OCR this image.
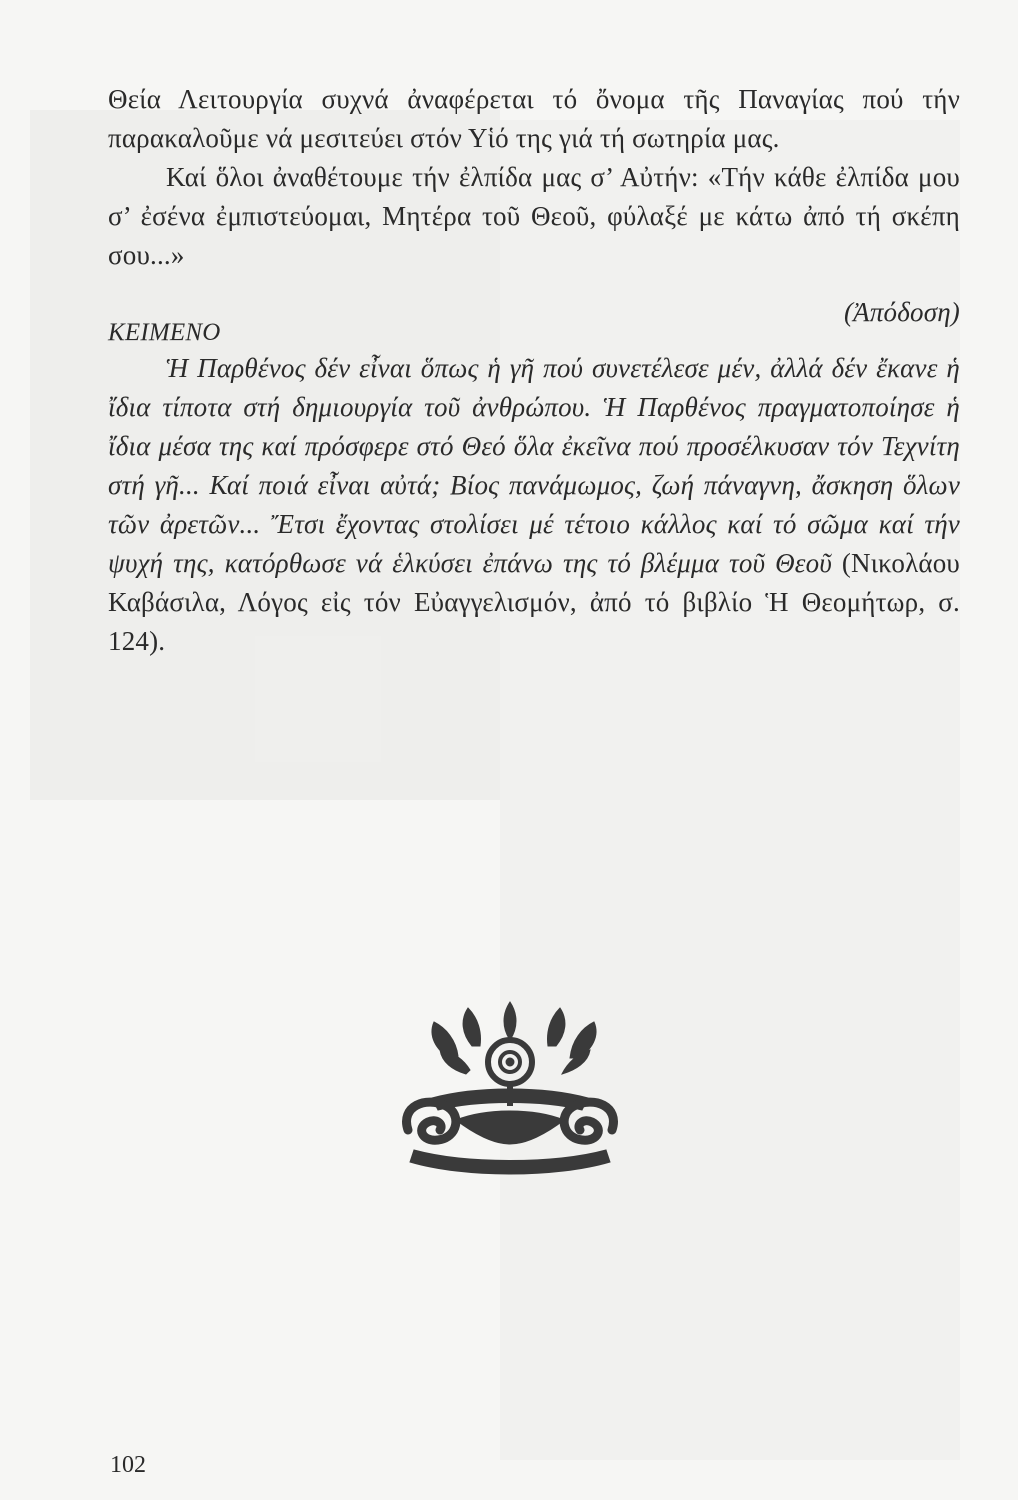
Θεία Λειτουργία συχνά ἀναφέρεται τό ὄνομα τῆς Παναγίας πού τήν παρακαλοῦμε νά μεσιτεύει στόν Υἱό της γιά τή σωτηρία μας.

Καί ὅλοι ἀναθέτουμε τήν ἐλπίδα μας σ’ Αὐτήν: «Τήν κάθε ἐλπίδα μου σ’ ἐσένα ἐμπιστεύομαι, Μητέρα τοῦ Θεοῦ, φύλαξέ με κάτω ἀπό τή σκέπη σου...»

ΚΕΙΜΕΝΟ
(Ἀπόδοση)

Ἡ Παρθένος δέν εἶναι ὅπως ἡ γῆ πού συνετέλεσε μέν, ἀλλά δέν ἔκανε ἡ ἴδια τίποτα στή δημιουργία τοῦ ἀνθρώπου. Ἡ Παρθένος πραγματοποίησε ἡ ἴδια μέσα της καί πρόσφερε στό Θεό ὅλα ἐκεῖνα πού προσέλκυσαν τόν Τεχνίτη στή γῆ... Καί ποιά εἶναι αὐτά; Βίος πανάμωμος, ζωή πάναγνη, ἄσκηση ὅλων τῶν ἀρετῶν... Ἔτσι ἔχοντας στολίσει μέ τέτοιο κάλλος καί τό σῶμα καί τήν ψυχή της, κατόρθωσε νά ἑλκύσει ἐπάνω της τό βλέμμα τοῦ Θεοῦ (Νικολάου Καβάσιλα, Λόγος εἰς τόν Εὐαγγελισμόν, ἀπό τό βιβλίο Ἡ Θεομήτωρ, σ. 124).

102
